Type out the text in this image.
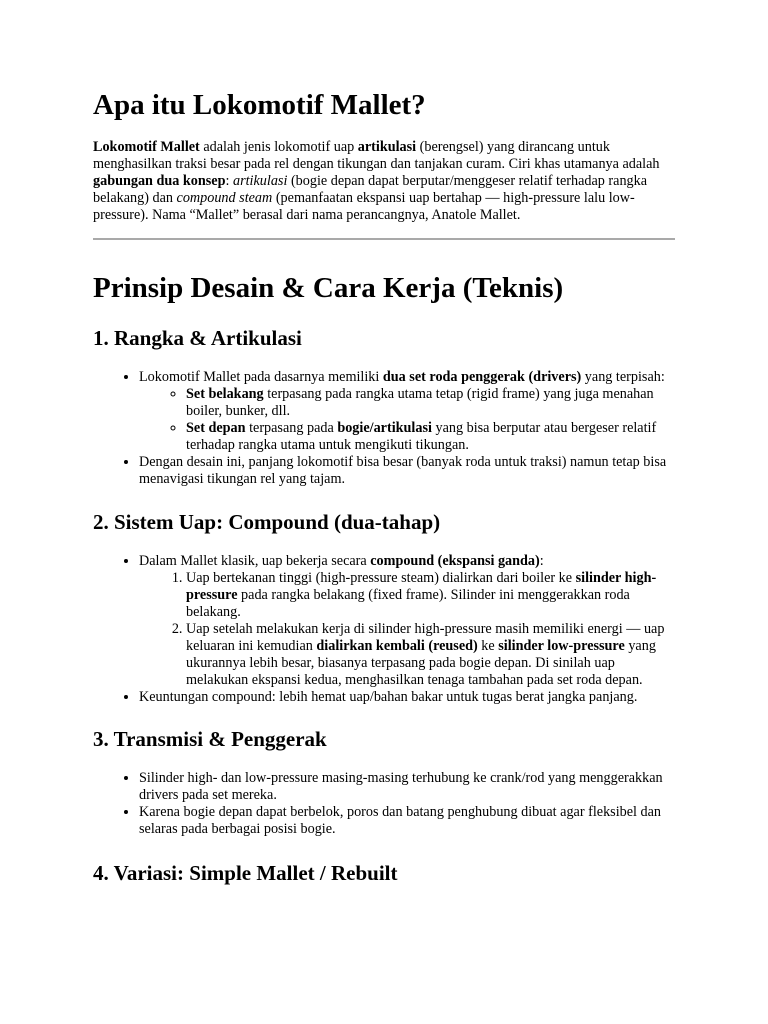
Apa itu Lokomotif Mallet?

Lokomotif Mallet adalah jenis lokomotif uap artikulasi (berengsel) yang dirancang untuk menghasilkan traksi besar pada rel dengan tikungan dan tanjakan curam. Ciri khas utamanya adalah gabungan dua konsep: artikulasi (bogie depan dapat berputar/menggeser relatif terhadap rangka belakang) dan compound steam (pemanfaatan ekspansi uap bertahap — high-pressure lalu low-pressure). Nama “Mallet” berasal dari nama perancangnya, Anatole Mallet.

Prinsip Desain & Cara Kerja (Teknis)
1. Rangka & Artikulasi
• Lokomotif Mallet pada dasarnya memiliki dua set roda penggerak (drivers) yang terpisah:
◦ Set belakang terpasang pada rangka utama tetap (rigid frame) yang juga menahan boiler, bunker, dll.
◦ Set depan terpasang pada bogie/artikulasi yang bisa berputar atau bergeser relatif terhadap rangka utama untuk mengikuti tikungan.
• Dengan desain ini, panjang lokomotif bisa besar (banyak roda untuk traksi) namun tetap bisa menavigasi tikungan rel yang tajam.
2. Sistem Uap: Compound (dua-tahap)
• Dalam Mallet klasik, uap bekerja secara compound (ekspansi ganda):
1. Uap bertekanan tinggi (high-pressure steam) dialirkan dari boiler ke silinder high-pressure pada rangka belakang (fixed frame). Silinder ini menggerakkan roda belakang.
2. Uap setelah melakukan kerja di silinder high-pressure masih memiliki energi — uap keluaran ini kemudian dialirkan kembali (reused) ke silinder low-pressure yang ukurannya lebih besar, biasanya terpasang pada bogie depan. Di sinilah uap melakukan ekspansi kedua, menghasilkan tenaga tambahan pada set roda depan.
• Keuntungan compound: lebih hemat uap/bahan bakar untuk tugas berat jangka panjang.
3. Transmisi & Penggerak
• Silinder high- dan low-pressure masing-masing terhubung ke crank/rod yang menggerakkan drivers pada set mereka.
• Karena bogie depan dapat berbelok, poros dan batang penghubung dibuat agar fleksibel dan selaras pada berbagai posisi bogie.
4. Variasi: Simple Mallet / Rebuilt
